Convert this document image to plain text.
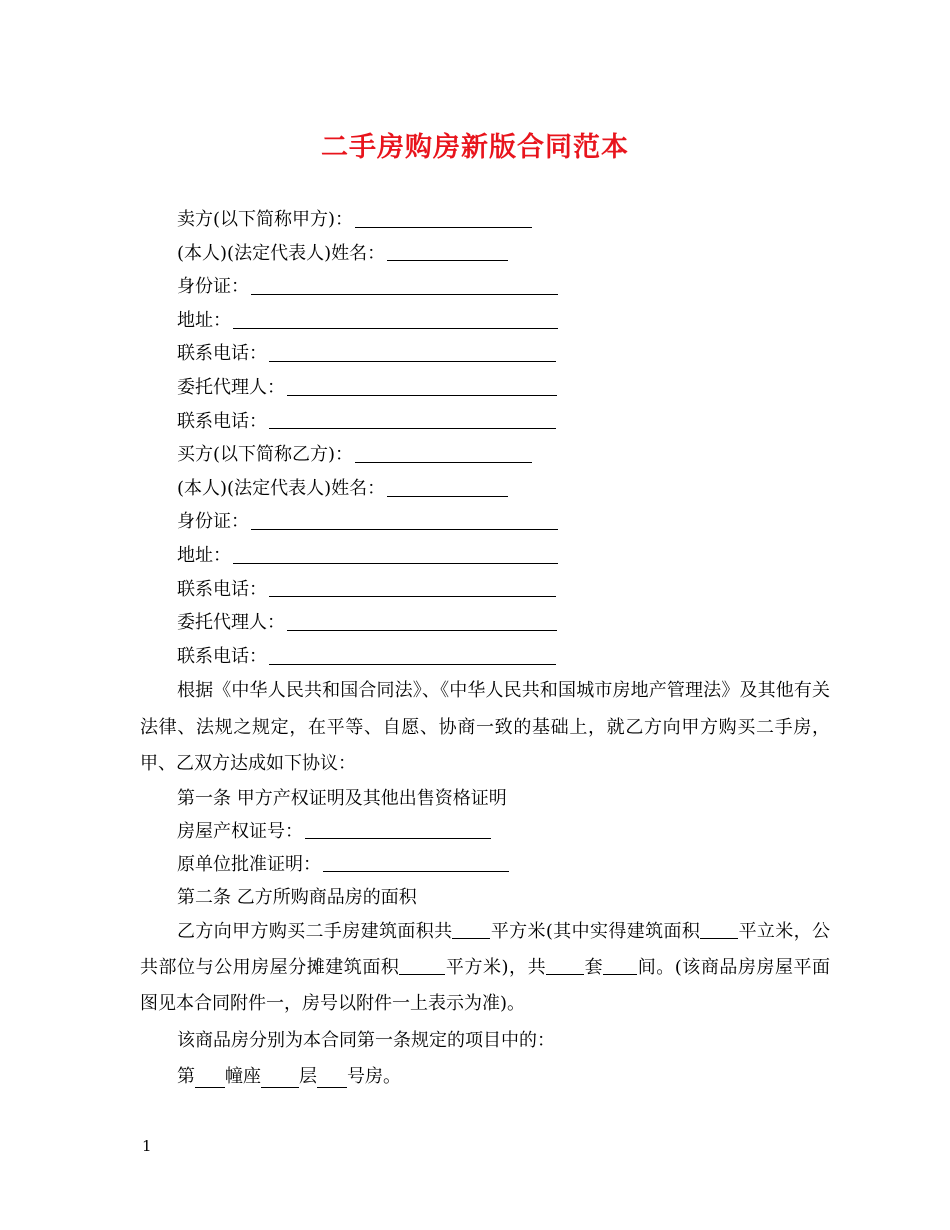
二手房购房新版合同范本
卖方(以下简称甲方)：
(本人)(法定代表人)姓名：
身份证：
地址：
联系电话：
委托代理人：
联系电话：
买方(以下简称乙方)：
(本人)(法定代表人)姓名：
身份证：
地址：
联系电话：
委托代理人：
联系电话：

根据《中华人民共和国合同法》、《中华人民共和国城市房地产管理法》及其他有关法律、法规之规定，在平等、自愿、协商一致的基础上，就乙方向甲方购买二手房，甲、乙双方达成如下协议：

第一条 甲方产权证明及其他出售资格证明
房屋产权证号：
原单位批准证明：
第二条 乙方所购商品房的面积

乙方向甲方购买二手房建筑面积共 平方米(其中实得建筑面积 平立米，公共部位与公用房屋分摊建筑面积	平方米)，共 套 间。(该商品房房屋平面图见本合同附件一，房号以附件一上表示为准)。

该商品房分别为本合同第一条规定的项目中的：
第 幢座 层 号房。
1
